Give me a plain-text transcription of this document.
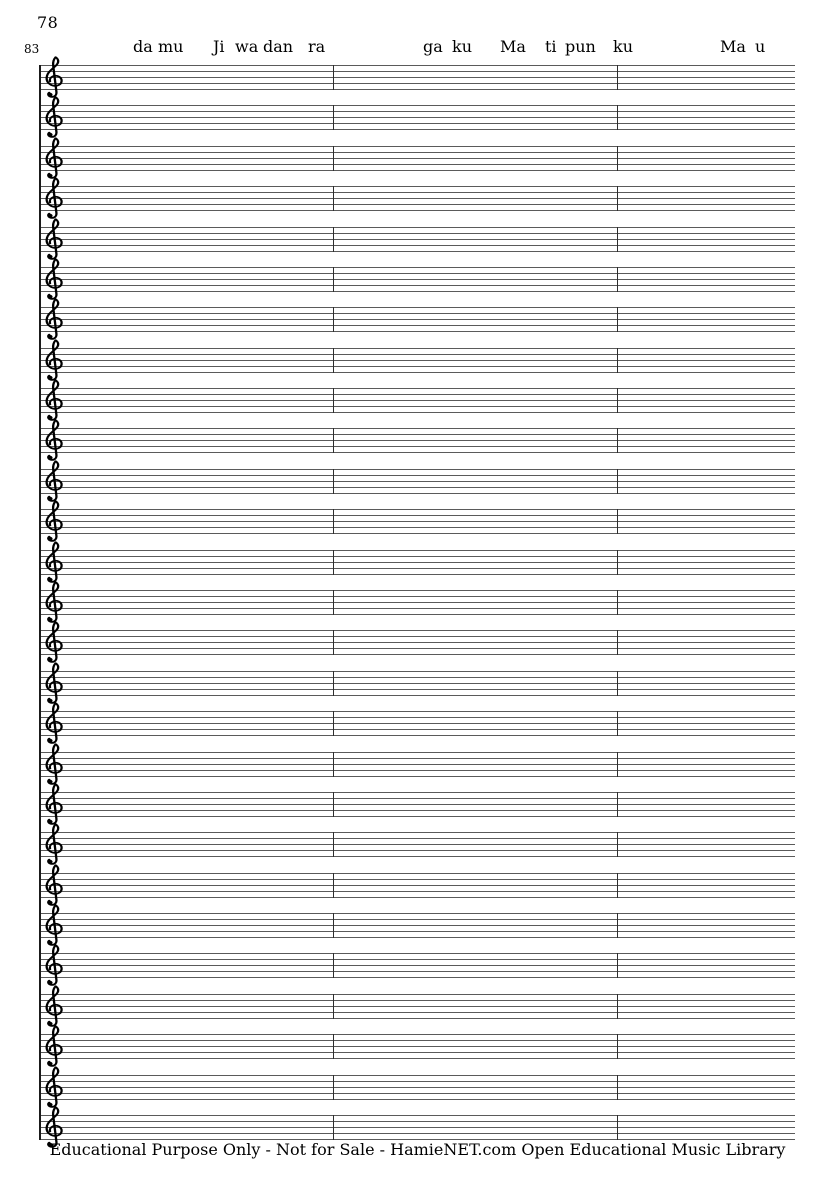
78
83	da mu Ji wa dan ra	ga ku Ma ti pun ku	Ma u
Educational Purpose Only - Not for Sale - HamieNET.com Open Educational Music Library
